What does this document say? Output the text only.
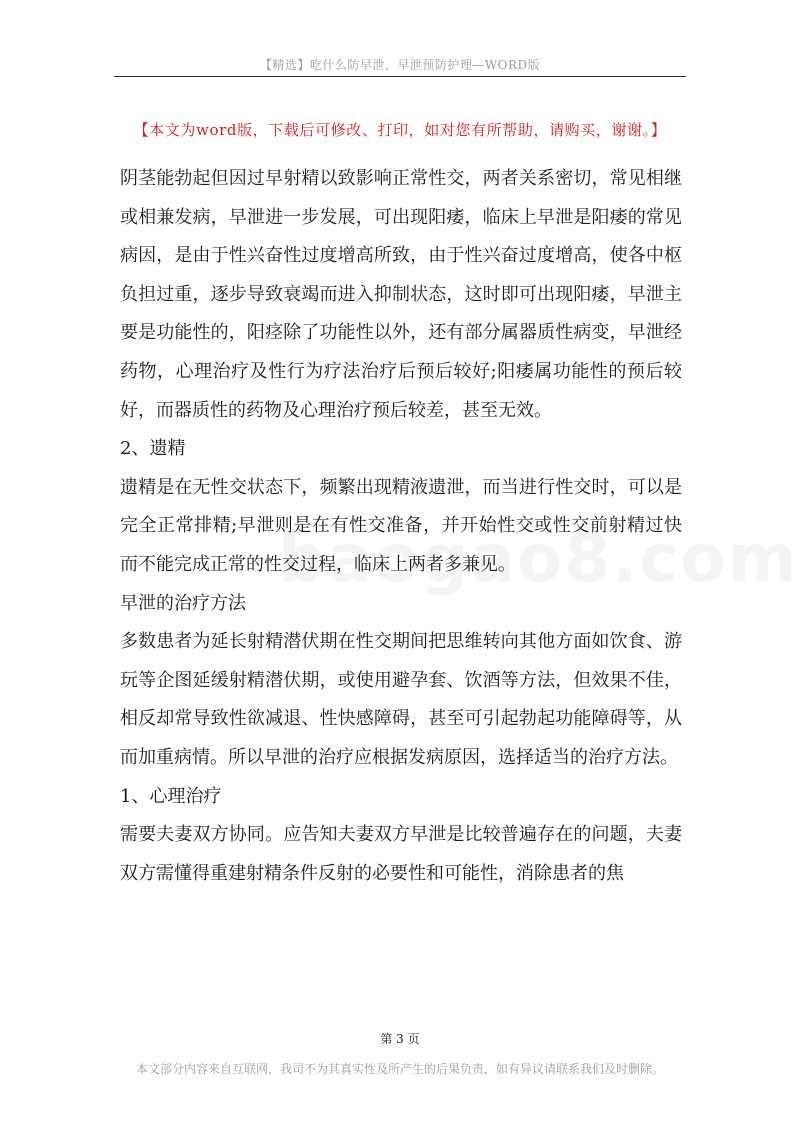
【精选】吃什么防早泄，早泄预防护理—WORD版
【本文为word版，下载后可修改、打印，如对您有所帮助，请购买，谢谢。】

阴茎能勃起但因过早射精以致影响正常性交，两者关系密切，常见相继或相兼发病，早泄进一步发展，可出现阳痿，临床上早泄是阳痿的常见病因，是由于性兴奋性过度增高所致，由于性兴奋过度增高，使各中枢负担过重，逐步导致衰竭而进入抑制状态，这时即可出现阳痿，早泄主要是功能性的，阳痉除了功能性以外，还有部分属器质性病变，早泄经药物，心理治疗及性行为疗法治疗后预后较好;阳痿属功能性的预后较好，而器质性的药物及心理治疗预后较差，甚至无效。

2、遗精

遗精是在无性交状态下，频繁出现精液遗泄，而当进行性交时，可以是完全正常排精;早泄则是在有性交准备，并开始性交或性交前射精过快而不能完成正常的性交过程，临床上两者多兼见。

早泄的治疗方法

多数患者为延长射精潜伏期在性交期间把思维转向其他方面如饮食、游玩等企图延缓射精潜伏期，或使用避孕套、饮酒等方法，但效果不佳，相反却常导致性欲减退、性快感障碍，甚至可引起勃起功能障碍等，从而加重病情。所以早泄的治疗应根据发病原因，选择适当的治疗方法。

1、心理治疗

需要夫妻双方协同。应告知夫妻双方早泄是比较普遍存在的问题，夫妻双方需懂得重建射精条件反射的必要性和可能性，消除患者的焦

第 3 页
本文部分内容来自互联网，我司不为其真实性及所产生的后果负责，如有异议请联系我们及时删除。
